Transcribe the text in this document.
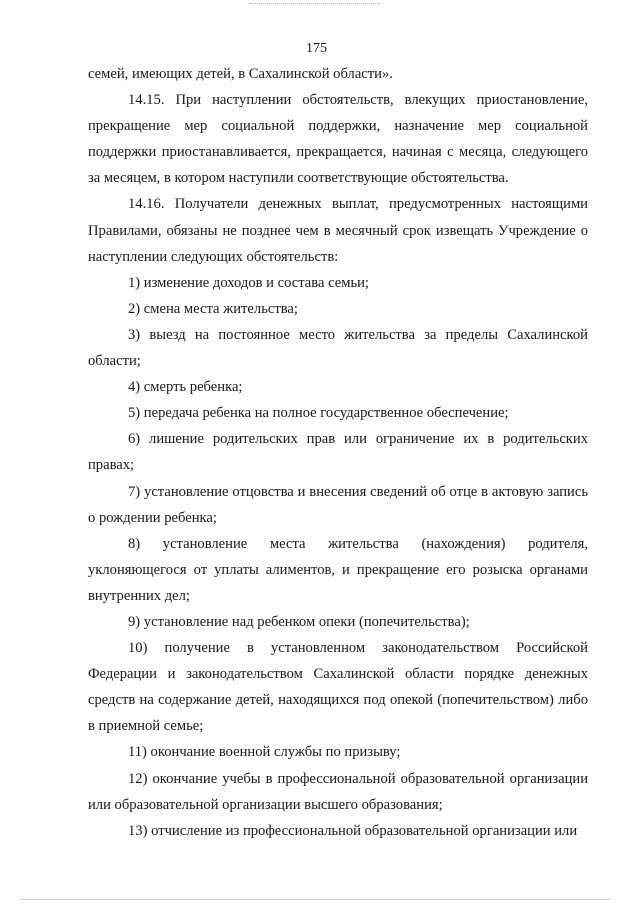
175

семей, имеющих детей, в Сахалинской области».

14.15. При наступлении обстоятельств, влекущих приостановление, прекращение мер социальной поддержки, назначение мер социальной поддержки приостанавливается, прекращается, начиная с месяца, следующего за месяцем, в котором наступили соответствующие обстоятельства.

14.16. Получатели денежных выплат, предусмотренных настоящими Правилами, обязаны не позднее чем в месячный срок извещать Учреждение о наступлении следующих обстоятельств:

1) изменение доходов и состава семьи;

2) смена места жительства;

3) выезд на постоянное место жительства за пределы Сахалинской области;

4) смерть ребенка;

5) передача ребенка на полное государственное обеспечение;

6) лишение родительских прав или ограничение их в родительских правах;

7) установление отцовства и внесения сведений об отце в актовую запись о рождении ребенка;

8) установление места жительства (нахождения) родителя, уклоняющегося от уплаты алиментов, и прекращение его розыска органами внутренних дел;

9) установление над ребенком опеки (попечительства);

10) получение в установленном законодательством Российской Федерации и законодательством Сахалинской области порядке денежных средств на содержание детей, находящихся под опекой (попечительством) либо в приемной семье;

11) окончание военной службы по призыву;

12) окончание учебы в профессиональной образовательной организации или образовательной организации высшего образования;

13) отчисление из профессиональной образовательной организации или
